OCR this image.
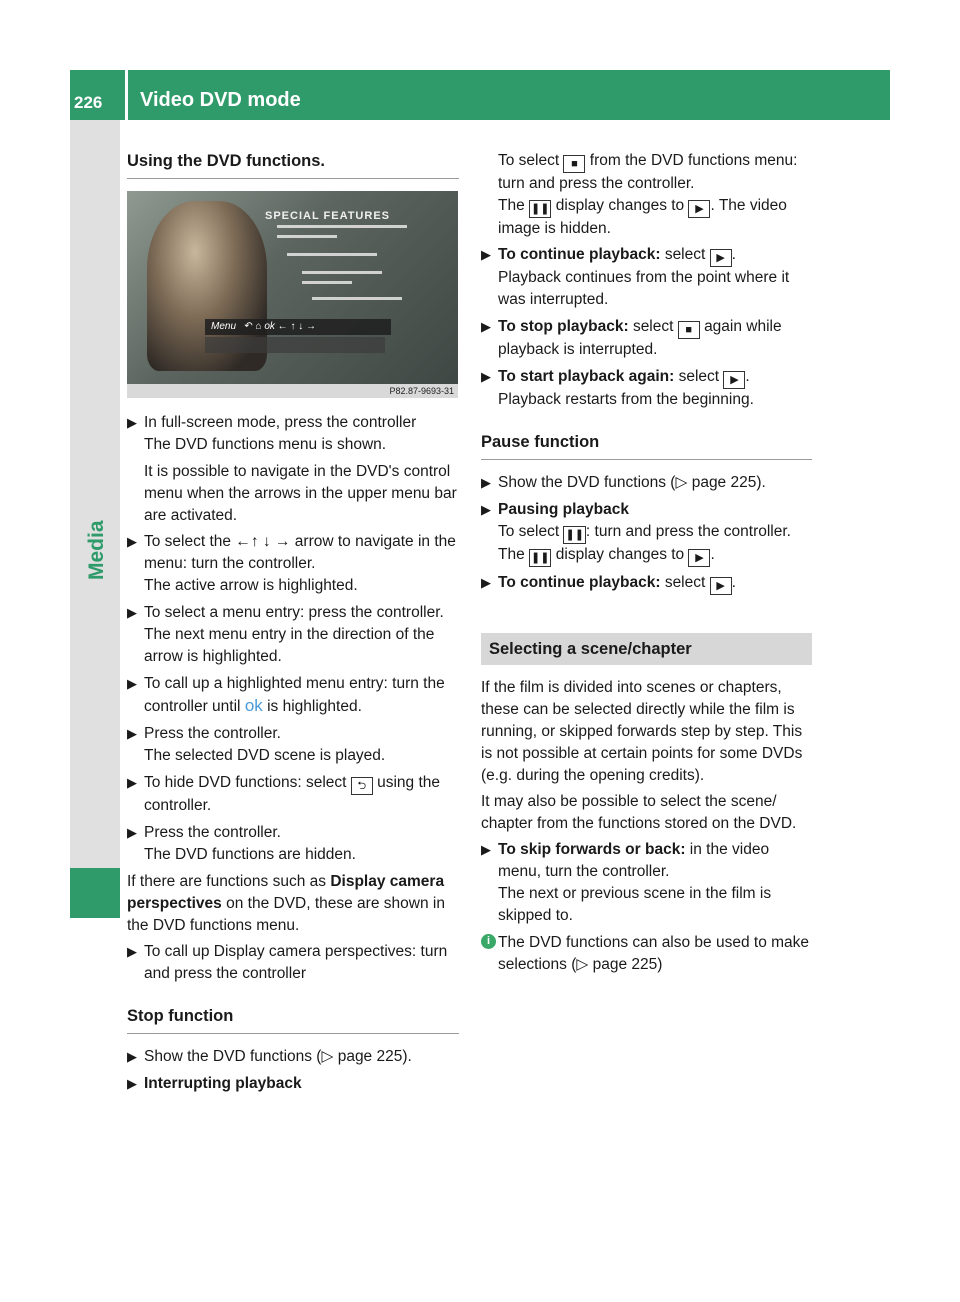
226 Video DVD mode
Media
Using the DVD functions.
SPECIAL FEATURES
Menu   ↶ ⌂ ok ← ↑ ↓ →
P82.87-9693-31
▶ In full-screen mode, press the controller
The DVD functions menu is shown.
It is possible to navigate in the DVD's control menu when the arrows in the upper menu bar are activated.
▶ To select the ←↑ ↓ → arrow to navigate in the menu: turn the controller.
The active arrow is highlighted.
▶ To select a menu entry: press the controller.
The next menu entry in the direction of the arrow is highlighted.
▶ To call up a highlighted menu entry: turn the controller until ok is highlighted.
▶ Press the controller.
The selected DVD scene is played.
▶ To hide DVD functions: select ⮌ using the controller.
▶ Press the controller.
The DVD functions are hidden.
If there are functions such as Display camera perspectives on the DVD, these are shown in the DVD functions menu.
▶ To call up Display camera perspectives: turn and press the controller
Stop function
▶ Show the DVD functions (▷ page 225).
▶ Interrupting playback
To select ■ from the DVD functions menu: turn and press the controller.
The ❚❚ display changes to ▶ . The video image is hidden.
▶ To continue playback: select ▶ .
Playback continues from the point where it was interrupted.
▶ To stop playback: select ■ again while playback is interrupted.
▶ To start playback again: select ▶ .
Playback restarts from the beginning.
Pause function
▶ Show the DVD functions (▷ page 225).
▶ Pausing playback
To select ❚❚ : turn and press the controller.
The ❚❚ display changes to ▶ .
▶ To continue playback: select ▶ .
Selecting a scene/chapter
If the film is divided into scenes or chapters, these can be selected directly while the film is running, or skipped forwards step by step. This is not possible at certain points for some DVDs (e.g. during the opening credits).
It may also be possible to select the scene/ chapter from the functions stored on the DVD.
▶ To skip forwards or back: in the video menu, turn the controller.
The next or previous scene in the film is skipped to.
i The DVD functions can also be used to make selections (▷ page 225)
